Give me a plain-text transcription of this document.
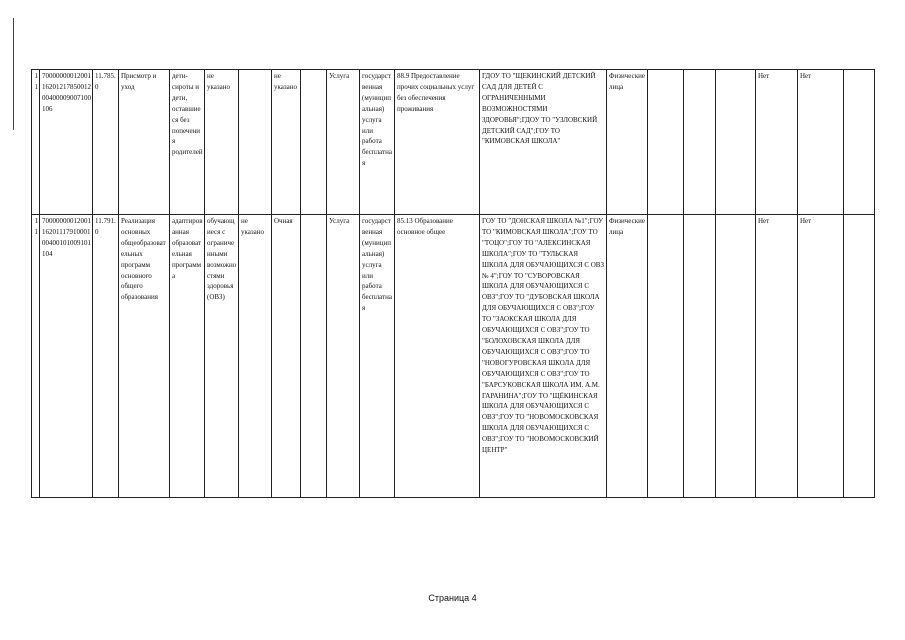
11	700000000120011620121785001200400009007100106	11.785.0	Присмотр и уход	дети-сироты и дети, оставшиеся без попечения родителей	не указано		не указано		Услуга	государственная (муниципальная) услуга или работа бесплатная	88.9 Предоставление прочих социальных услуг без обеспечения проживания	ГДОУ ТО "ЩЕКИНСКИЙ ДЕТСКИЙ САД ДЛЯ ДЕТЕЙ С ОГРАНИЧЕННЫМИ ВОЗМОЖНОСТЯМИ ЗДОРОВЬЯ";ГДОУ ТО "УЗЛОВСКИЙ ДЕТСКИЙ САД";ГОУ ТО "КИМОВСКАЯ ШКОЛА"	Физические лица				Нет	Нет	
11	700000000120011620111791000100400101009101104	11.791.0	Реализация основных общеобразовательных программ основного общего образования	адаптированная образовательная программа	обучающиеся с ограниченными возможностями здоровья (ОВЗ)	не указано	Очная		Услуга	государственная (муниципальная) услуга или работа бесплатная	85.13 Образование основное общее	ГОУ ТО "ДОНСКАЯ ШКОЛА №1";ГОУ ТО "КИМОВСКАЯ ШКОЛА";ГОУ ТО "ТОЦО";ГОУ ТО "АЛЕКСИНСКАЯ ШКОЛА";ГОУ ТО "ТУЛЬСКАЯ ШКОЛА ДЛЯ ОБУЧАЮЩИХСЯ С ОВЗ № 4";ГОУ ТО "СУВОРОВСКАЯ ШКОЛА ДЛЯ ОБУЧАЮЩИХСЯ С ОВЗ";ГОУ ТО "ДУБОВСКАЯ ШКОЛА ДЛЯ ОБУЧАЮЩИХСЯ С ОВЗ";ГОУ ТО "ЗАОКСКАЯ ШКОЛА ДЛЯ ОБУЧАЮЩИХСЯ С ОВЗ";ГОУ ТО "БОЛОХОВСКАЯ ШКОЛА ДЛЯ ОБУЧАЮЩИХСЯ С ОВЗ";ГОУ ТО "НОВОГУРОВСКАЯ ШКОЛА ДЛЯ ОБУЧАЮЩИХСЯ С ОВЗ";ГОУ ТО "БАРСУКОВСКАЯ ШКОЛА ИМ. А.М. ГАРАНИНА";ГОУ ТО "ЩЁКИНСКАЯ ШКОЛА ДЛЯ ОБУЧАЮЩИХСЯ С ОВЗ";ГОУ ТО "НОВОМОСКОВСКАЯ ШКОЛА ДЛЯ ОБУЧАЮЩИХСЯ С ОВЗ";ГОУ ТО "НОВОМОСКОВСКИЙ ЦЕНТР"	Физические лица				Нет	Нет	
Страница 4
